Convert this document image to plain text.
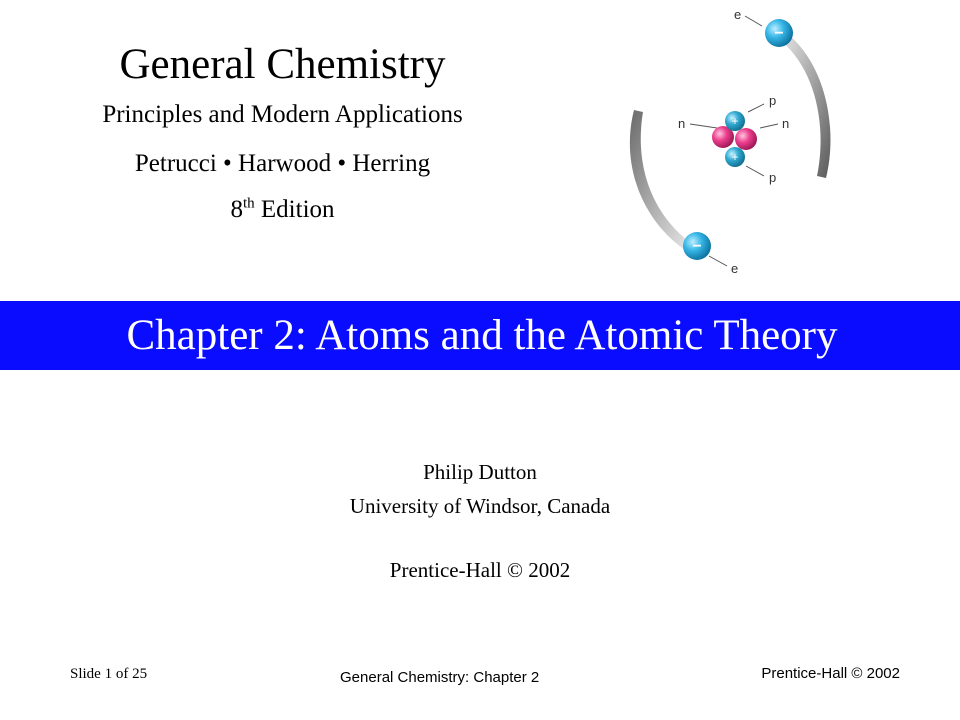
General Chemistry
Principles and Modern Applications
Petrucci • Harwood • Herring
8th Edition
e
−
+
+
p
p
n	n
−
e
Chapter 2: Atoms and the Atomic Theory
Philip Dutton
University of Windsor, Canada
Prentice-Hall © 2002
Slide 1 of 25	General Chemistry: Chapter 2	Prentice-Hall © 2002
